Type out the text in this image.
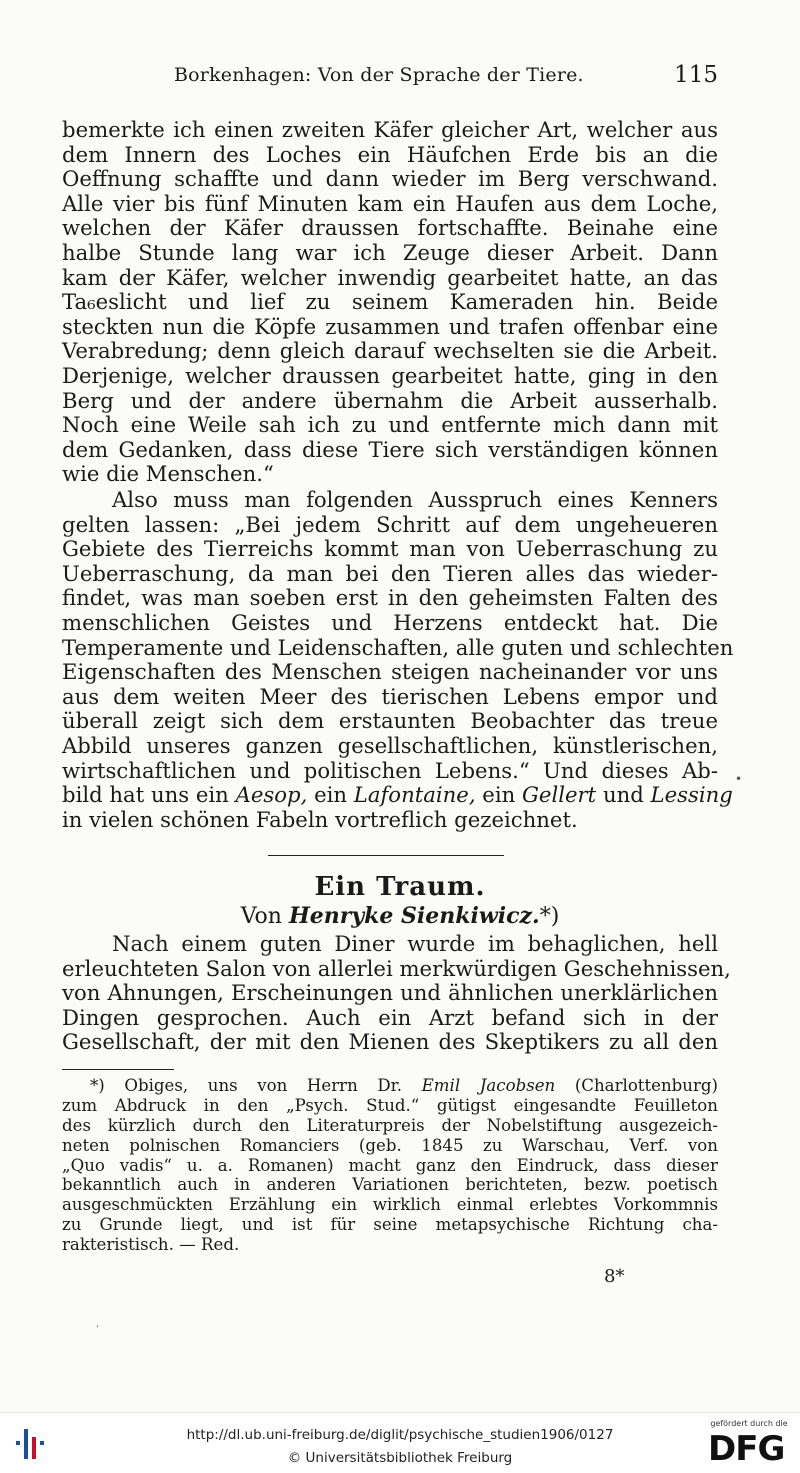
Borkenhagen: Von der Sprache der Tiere.	115
bemerkte ich einen zweiten Käfer gleicher Art, welcher aus
dem Innern des Loches ein Häufchen Erde bis an die
Oeffnung schaffte und dann wieder im Berg verschwand.
Alle vier bis fünf Minuten kam ein Haufen aus dem Loche,
welchen der Käfer draussen fortschaffte. Beinahe eine
halbe Stunde lang war ich Zeuge dieser Arbeit. Dann
kam der Käfer, welcher inwendig gearbeitet hatte, an das
Ta₆eslicht und lief zu seinem Kameraden hin. Beide
steckten nun die Köpfe zusammen und trafen offenbar eine
Verabredung; denn gleich darauf wechselten sie die Arbeit.
Derjenige, welcher draussen gearbeitet hatte, ging in den
Berg und der andere übernahm die Arbeit ausserhalb.
Noch eine Weile sah ich zu und entfernte mich dann mit
dem Gedanken, dass diese Tiere sich verständigen können
wie die Menschen.“
Also muss man folgenden Ausspruch eines Kenners
gelten lassen: „Bei jedem Schritt auf dem ungeheueren
Gebiete des Tierreichs kommt man von Ueberraschung zu
Ueberraschung, da man bei den Tieren alles das wieder-
findet, was man soeben erst in den geheimsten Falten des
menschlichen Geistes und Herzens entdeckt hat. Die
Temperamente und Leidenschaften, alle guten und schlechten
Eigenschaften des Menschen steigen nacheinander vor uns
aus dem weiten Meer des tierischen Lebens empor und
überall zeigt sich dem erstaunten Beobachter das treue
Abbild unseres ganzen gesellschaftlichen, künstlerischen,
wirtschaftlichen und politischen Lebens.“ Und dieses Ab-
bild hat uns ein Aesop, ein Lafontaine, ein Gellert und Lessing
in vielen schönen Fabeln vortreflich gezeichnet.
Ein Traum.
Von Henryke Sienkiwicz.*)
Nach einem guten Diner wurde im behaglichen, hell
erleuchteten Salon von allerlei merkwürdigen Geschehnissen,
von Ahnungen, Erscheinungen und ähnlichen unerklärlichen
Dingen gesprochen. Auch ein Arzt befand sich in der
Gesellschaft, der mit den Mienen des Skeptikers zu all den
*) Obiges, uns von Herrn Dr. Emil Jacobsen (Charlottenburg)
zum Abdruck in den „Psych. Stud.“ gütigst eingesandte Feuilleton
des kürzlich durch den Literaturpreis der Nobelstiftung ausgezeich-
neten polnischen Romanciers (geb. 1845 zu Warschau, Verf. von
„Quo vadis“ u. a. Romanen) macht ganz den Eindruck, dass dieser
bekanntlich auch in anderen Variationen berichteten, bezw. poetisch
ausgeschmückten Erzählung ein wirklich einmal erlebtes Vorkommnis
zu Grunde liegt, und ist für seine metapsychische Richtung cha-
rakteristisch. — Red.
8*
,
•
http://dl.ub.uni-freiburg.de/diglit/psychische_studien1906/0127
© Universitätsbibliothek Freiburg
gefördert durch die
DFG
